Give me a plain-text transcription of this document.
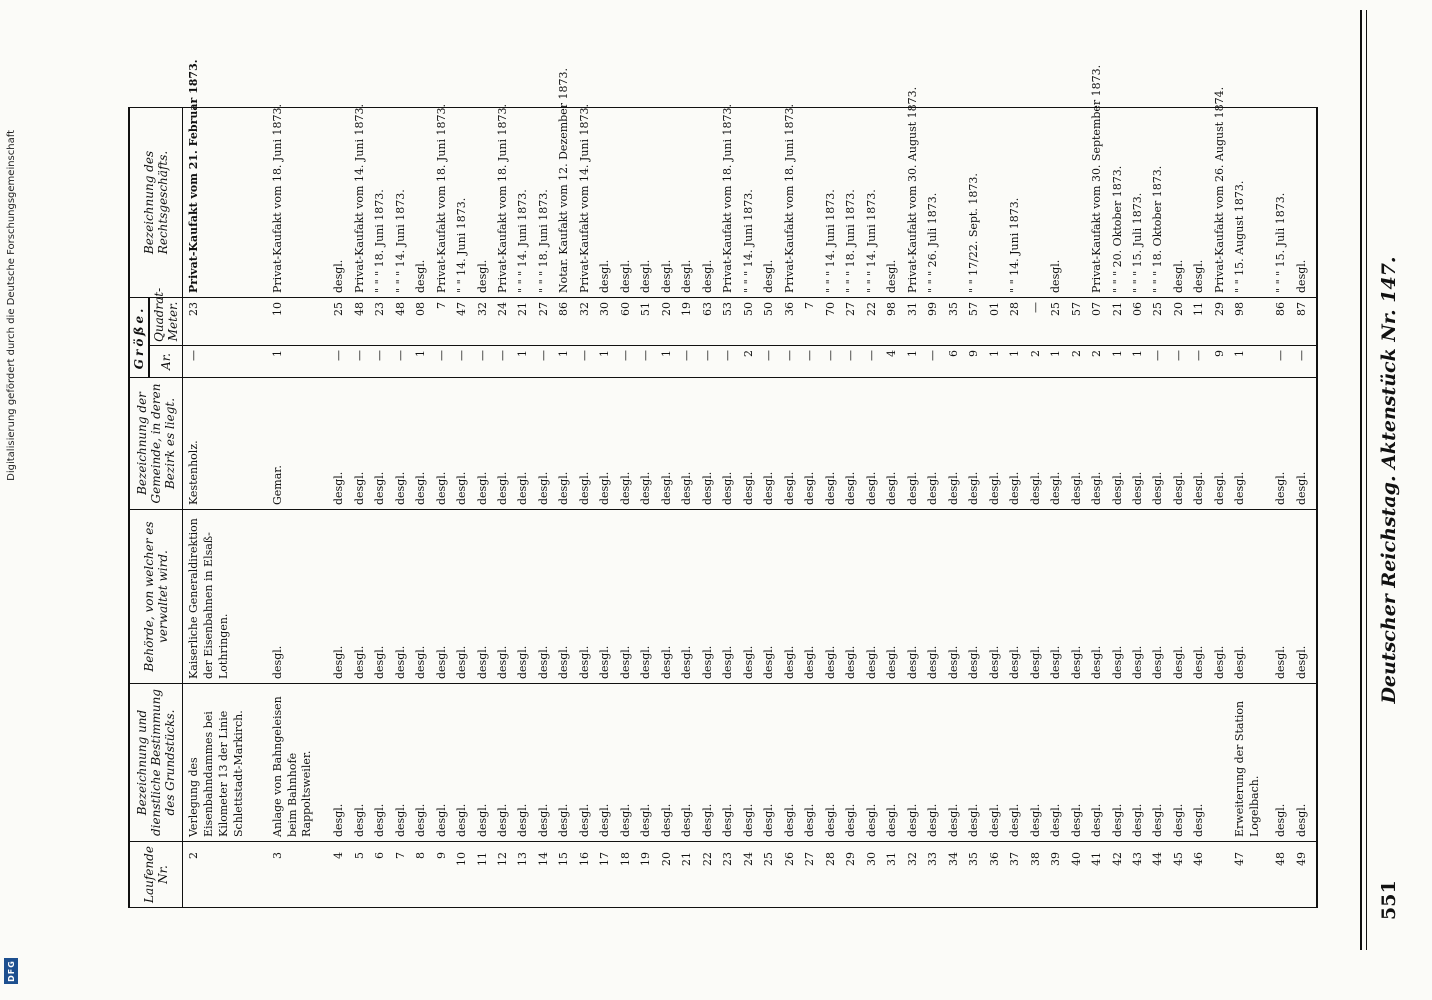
DFG
Digitalisierung gefördert durch die Deutsche Forschungsgemeinschaft
551
Deutscher Reichstag. Aktenstück Nr. 147.
Laufende Nr.	Bezeichnung und dienstliche Bestimmung des Grundstücks.	Behörde, von welcher es verwaltet wird.	Bezeichnung der Gemeinde, in deren Bezirk es liegt.	Größe.		Bezeichnung des Rechtsgeschäfts.
				Ar.	Quadrat-Meter.	
2	Verlegung des Eisenbahndammes bei Kilometer 13 der Linie Schlettstadt-Markirch.	Kaiserliche Generaldirektion der Eisenbahnen in Elsaß-Lothringen.	Kestenholz.	—	23	Privat-Kaufakt vom 21. Februar 1873.
3	Anlage von Bahngeleisen beim Bahnhofe Rappoltsweiler.	desgl.	Gemar.	1	10	Privat-Kaufakt vom 18. Juni 1873.
4	desgl.	desgl.	desgl.	—	25	desgl.
5	desgl.	desgl.	desgl.	—	48	Privat-Kaufakt vom 14. Juni 1873.
6	desgl.	desgl.	desgl.	—	23	" " " 18. Juni 1873.
7	desgl.	desgl.	desgl.	—	48	" " " 14. Juni 1873.
8	desgl.	desgl.	desgl.	1	08	desgl.
9	desgl.	desgl.	desgl.	—	7	Privat-Kaufakt vom 18. Juni 1873.
10	desgl.	desgl.	desgl.	—	47	" " 14. Juni 1873.
11	desgl.	desgl.	desgl.	—	32	desgl.
12	desgl.	desgl.	desgl.	—	24	Privat-Kaufakt vom 18. Juni 1873.
13	desgl.	desgl.	desgl.	1	21	" " " 14. Juni 1873.
14	desgl.	desgl.	desgl.	—	27	" " " 18. Juni 1873.
15	desgl.	desgl.	desgl.	1	86	Notar. Kaufakt vom 12. Dezember 1873.
16	desgl.	desgl.	desgl.	—	32	Privat-Kaufakt vom 14. Juni 1873.
17	desgl.	desgl.	desgl.	1	30	desgl.
18	desgl.	desgl.	desgl.	—	60	desgl.
19	desgl.	desgl.	desgl.	—	51	desgl.
20	desgl.	desgl.	desgl.	1	20	desgl.
21	desgl.	desgl.	desgl.	—	19	desgl.
22	desgl.	desgl.	desgl.	—	63	desgl.
23	desgl.	desgl.	desgl.	—	53	Privat-Kaufakt vom 18. Juni 1873.
24	desgl.	desgl.	desgl.	2	50	" " " 14. Juni 1873.
25	desgl.	desgl.	desgl.	—	50	desgl.
26	desgl.	desgl.	desgl.	—	36	Privat-Kaufakt vom 18. Juni 1873.
27	desgl.	desgl.	desgl.	—	7	
28	desgl.	desgl.	desgl.	—	70	" " " 14. Juni 1873.
29	desgl.	desgl.	desgl.	—	27	" " " 18. Juni 1873.
30	desgl.	desgl.	desgl.	—	22	" " " 14. Juni 1873.
31	desgl.	desgl.	desgl.	4	98	desgl.
32	desgl.	desgl.	desgl.	1	31	Privat-Kaufakt vom 30. August 1873.
33	desgl.	desgl.	desgl.	—	99	" " " 26. Juli 1873.
34	desgl.	desgl.	desgl.	6	35	
35	desgl.	desgl.	desgl.	9	57	" " 17/22. Sept. 1873.
36	desgl.	desgl.	desgl.	1	01	
37	desgl.	desgl.	desgl.	1	28	" " 14. Juni 1873.
38	desgl.	desgl.	desgl.	2	—	
39	desgl.	desgl.	desgl.	1	25	desgl.
40	desgl.	desgl.	desgl.	2	57	
41	desgl.	desgl.	desgl.	2	07	Privat-Kaufakt vom 30. September 1873.
42	desgl.	desgl.	desgl.	1	21	" " " 20. Oktober 1873.
43	desgl.	desgl.	desgl.	1	06	" " " 15. Juli 1873.
44	desgl.	desgl.	desgl.	—	25	" " " 18. Oktober 1873.
45	desgl.	desgl.	desgl.	—	20	desgl.
46	desgl.	desgl.	desgl.	—	11	desgl.
		desgl.	desgl.	9	29	Privat-Kaufakt vom 26. August 1874.
47	Erweiterung der Station Logelbach.	desgl.	desgl.	1	98	" " 15. August 1873.
48	desgl.	desgl.	desgl.	—	86	" " " 15. Juli 1873.
49	desgl.	desgl.	desgl.	—	87	desgl.
